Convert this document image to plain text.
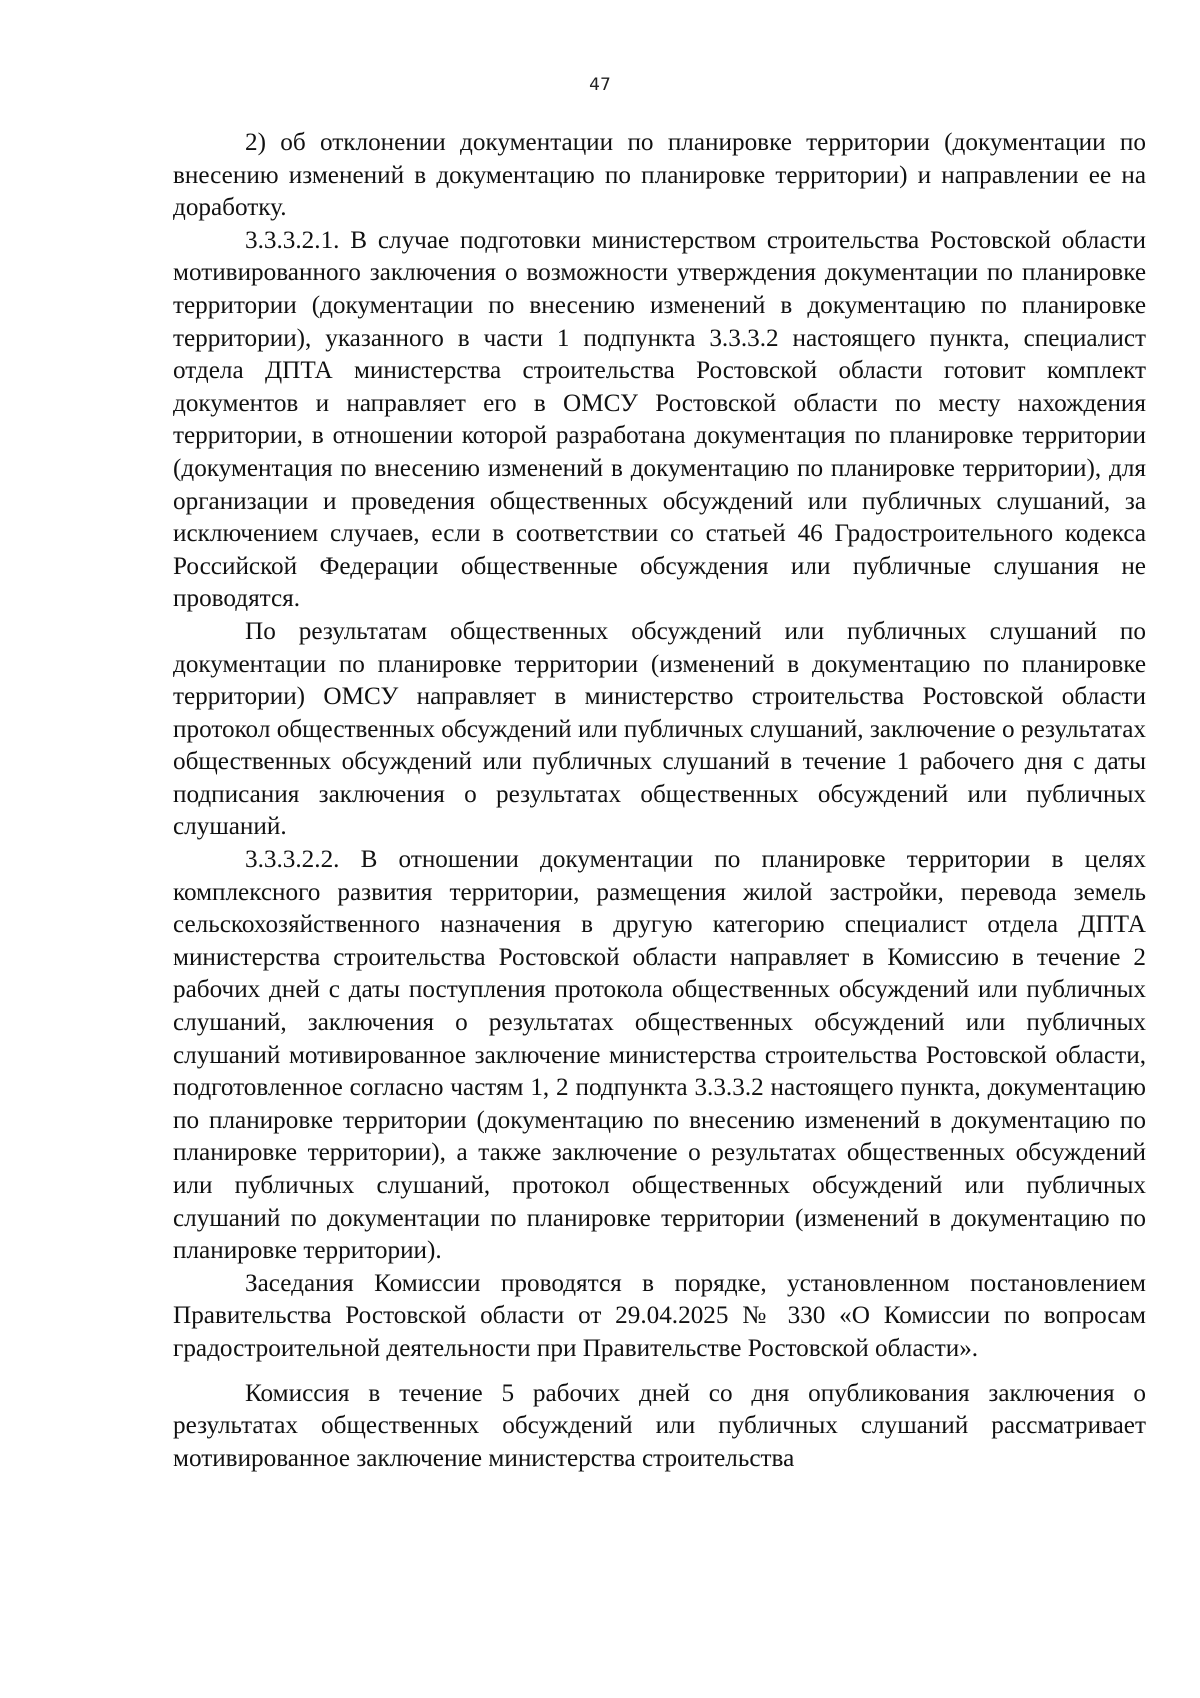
47

2) об отклонении документации по планировке территории (документации по внесению изменений в документацию по планировке территории) и направлении ее на доработку.

3.3.3.2.1. В случае подготовки министерством строительства Ростовской области мотивированного заключения о возможности утверждения документации по планировке территории (документации по внесению изменений в документацию по планировке территории), указанного в части 1 подпункта 3.3.3.2 настоящего пункта, специалист отдела ДПТА министерства строительства Ростовской области готовит комплект документов и направляет его в ОМСУ Ростовской области по месту нахождения территории, в отношении которой разработана документация по планировке территории (документация по внесению изменений в документацию по планировке территории), для организации и проведения общественных обсуждений или публичных слушаний, за исключением случаев, если в соответствии со статьей 46 Градостроительного кодекса Российской Федерации общественные обсуждения или публичные слушания не проводятся.

По результатам общественных обсуждений или публичных слушаний по документации по планировке территории (изменений в документацию по планировке территории) ОМСУ направляет в министерство строительства Ростовской области протокол общественных обсуждений или публичных слушаний, заключение о результатах общественных обсуждений или публичных слушаний в течение 1 рабочего дня с даты подписания заключения о результатах общественных обсуждений или публичных слушаний.

3.3.3.2.2. В отношении документации по планировке территории в целях комплексного развития территории, размещения жилой застройки, перевода земель сельскохозяйственного назначения в другую категорию специалист отдела ДПТА министерства строительства Ростовской области направляет в Комиссию в течение 2 рабочих дней с даты поступления протокола общественных обсуждений или публичных слушаний, заключения о результатах общественных обсуждений или публичных слушаний мотивированное заключение министерства строительства Ростовской области, подготовленное согласно частям 1, 2 подпункта 3.3.3.2 настоящего пункта, документацию по планировке территории (документацию по внесению изменений в документацию по планировке территории), а также заключение о результатах общественных обсуждений или публичных слушаний, протокол общественных обсуждений или публичных слушаний по документации по планировке территории (изменений в документацию по планировке территории).

Заседания Комиссии проводятся в порядке, установленном постановлением Правительства Ростовской области от 29.04.2025 № 330 «О Комиссии по вопросам градостроительной деятельности при Правительстве Ростовской области».

Комиссия в течение 5 рабочих дней со дня опубликования заключения о результатах общественных обсуждений или публичных слушаний рассматривает мотивированное заключение министерства строительства
